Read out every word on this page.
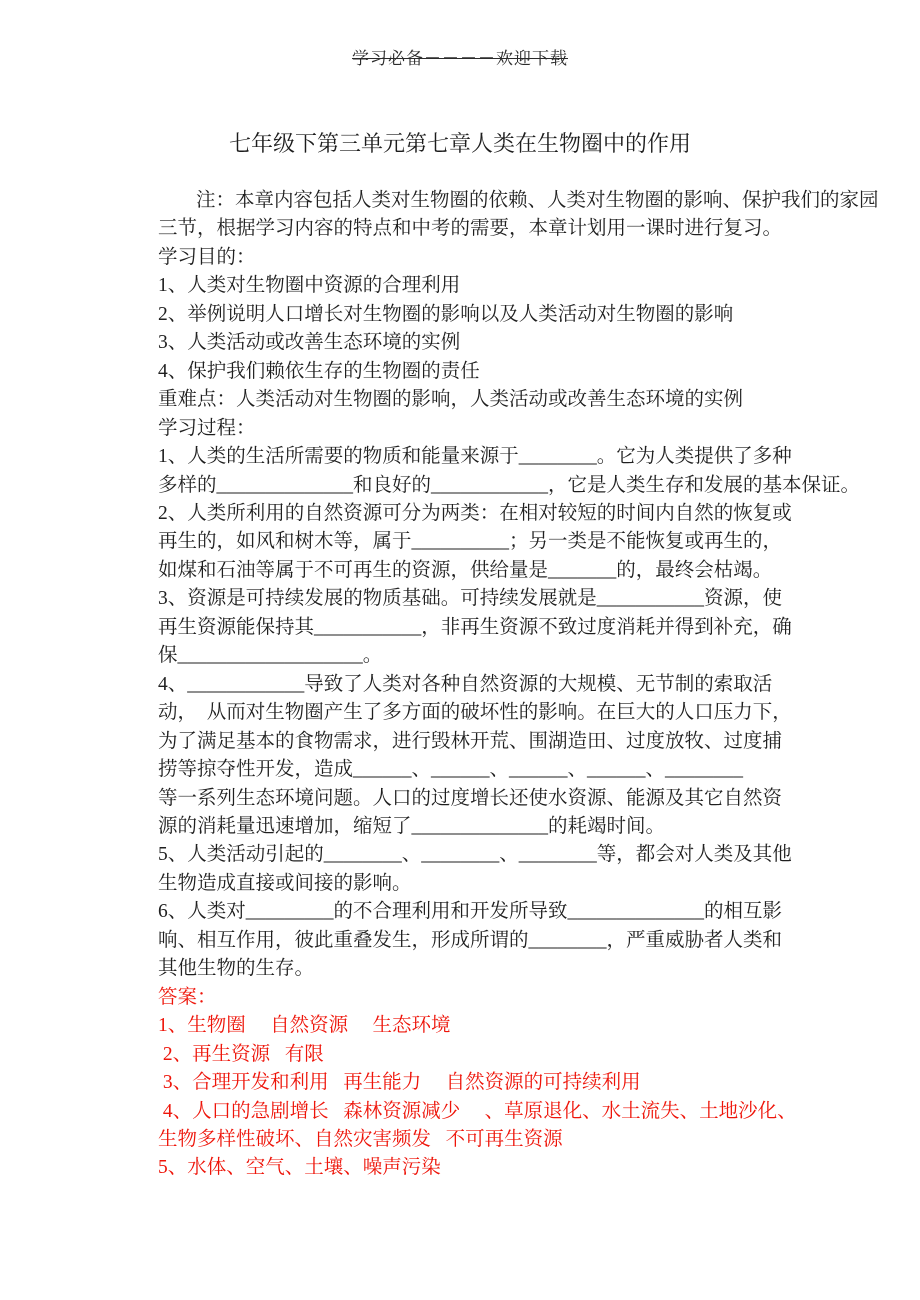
学习必备－－－－欢迎下载
七年级下第三单元第七章人类在生物圈中的作用
注：本章内容包括人类对生物圈的依赖、人类对生物圈的影响、保护我们的家园
三节，根据学习内容的特点和中考的需要，本章计划用一课时进行复习。
学习目的：
1、人类对生物圈中资源的合理利用
2、举例说明人口增长对生物圈的影响以及人类活动对生物圈的影响
3、人类活动或改善生态环境的实例
4、保护我们赖依生存的生物圈的责任
重难点：人类活动对生物圈的影响，人类活动或改善生态环境的实例
学习过程：
1、人类的生活所需要的物质和能量来源于________。它为人类提供了多种
多样的______________和良好的____________，它是人类生存和发展的基本保证。
2、人类所利用的自然资源可分为两类：在相对较短的时间内自然的恢复或
再生的，如风和树木等，属于__________；另一类是不能恢复或再生的，
如煤和石油等属于不可再生的资源，供给量是_______的，最终会枯竭。
3、资源是可持续发展的物质基础。可持续发展就是___________资源，使
再生资源能保持其___________，非再生资源不致过度消耗并得到补充，确
保___________________。
4、____________导致了人类对各种自然资源的大规模、无节制的索取活
动，  从而对生物圈产生了多方面的破坏性的影响。在巨大的人口压力下，
为了满足基本的食物需求，进行毁林开荒、围湖造田、过度放牧、过度捕
捞等掠夺性开发，造成______、______、______、______、________
等一系列生态环境问题。人口的过度增长还使水资源、能源及其它自然资
源的消耗量迅速增加，缩短了______________的耗竭时间。
5、人类活动引起的________、________、________等，都会对人类及其他
生物造成直接或间接的影响。
6、人类对_________的不合理利用和开发所导致______________的相互影
响、相互作用，彼此重叠发生，形成所谓的________，严重威胁者人类和
其他生物的生存。
答案：
1、生物圈     自然资源     生态环境
2、再生资源   有限
3、合理开发和利用   再生能力     自然资源的可持续利用
4、人口的急剧增长   森林资源减少     、草原退化、水土流失、土地沙化、
生物多样性破坏、自然灾害频发   不可再生资源
5、水体、空气、土壤、噪声污染
